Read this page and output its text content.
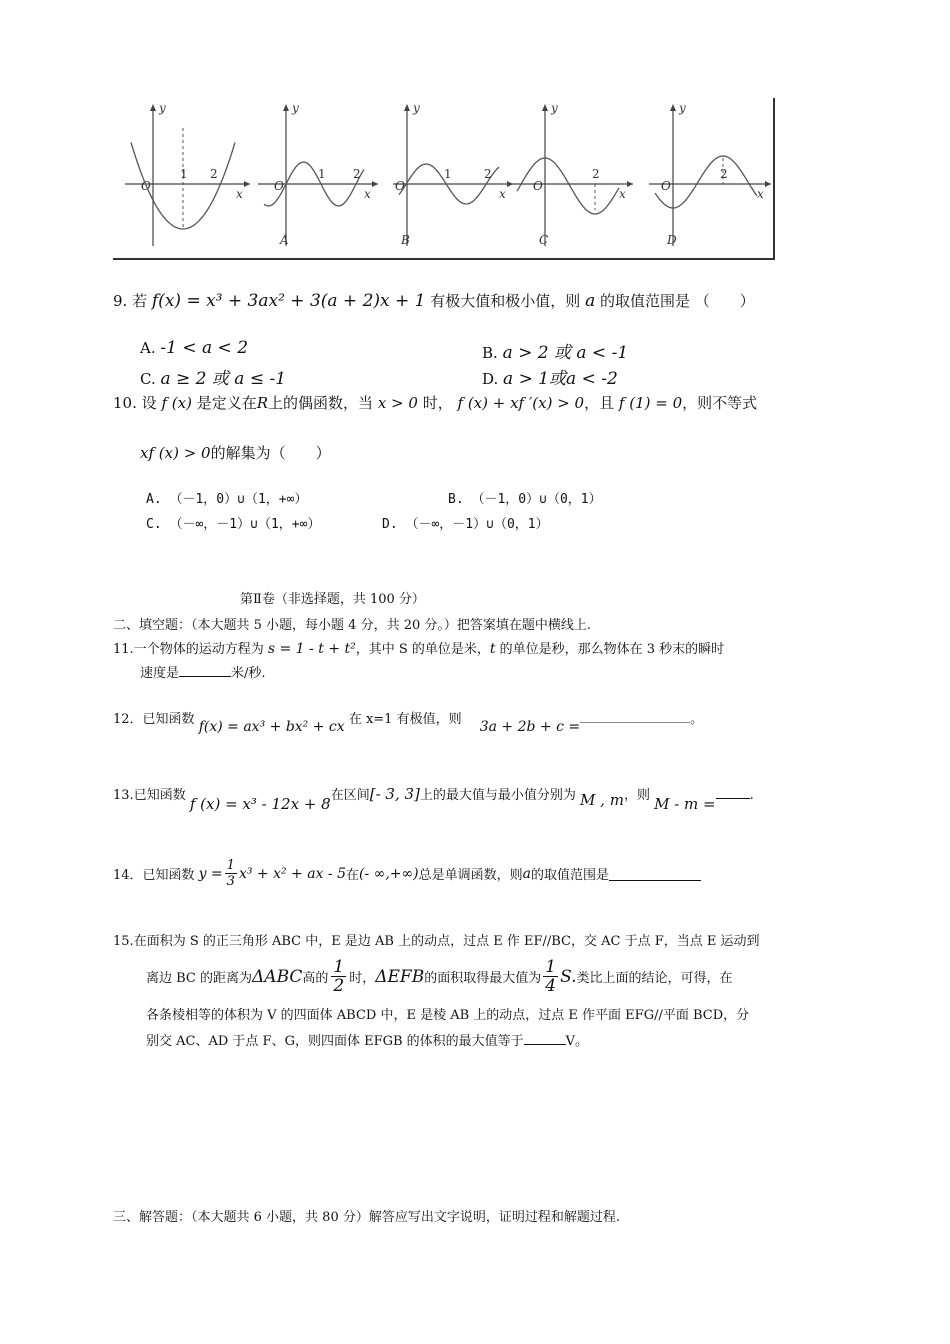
y
x
O
1 2
y
x
O
1 2
A
y
x
O
1	2
B
y
x
O
2
C
y
x
O
2
D
9. 若 f(x) = x³ + 3ax² + 3(a + 2)x + 1 有极大值和极小值，则 a 的取值范围是 （　　）
A. -1 < a < 2	B. a > 2 或 a < -1
C. a ≥ 2 或 a ≤ -1	D. a > 1或a < -2
10. 设 f (x) 是定义在R上的偶函数，当 x > 0 时， f (x) + xf ′(x) > 0，且 f (1) = 0，则不等式
xf (x) > 0的解集为（　　）
A. （－1，0）∪（1，+∞）	B. （－1，0）∪（0，1）
C. （－∞，－1）∪（1，+∞）	D. （－∞，－1）∪（0，1）
第Ⅱ卷（非选择题，共 100 分）
二、填空题：（本大题共 5 小题，每小题 4 分，共 20 分。）把答案填在题中横线上.
11.一个物体的运动方程为 s = 1 - t + t²，其中 S 的单位是米，t 的单位是秒，那么物体在 3 秒末的瞬时
速度是	米/秒.
12．已知函数 f(x) = ax³ + bx² + cx 在 x=1 有极值，则 3a + 2b + c =	。
13.已知函数 f (x) = x³ - 12x + 8在区间[- 3, 3]上的最大值与最小值分别为 M , m，则 M - m =	.
14． 已知函数 $y = \frac{1}{3} x^3 + x^2$ + ax - 5 在 (- ∞,+∞) 总是单调函数，则 a 的取值范围是
15.在面积为 S 的正三角形 ABC 中，E 是边 AB 上的动点，过点 E 作 EF//BC，交 AC 于点 F，当点 E 运动到
离边 BC 的距离为 ΔABC 高的 $\frac{1}{2}$ 时， ΔEFB 的面积取得最大值为 $\frac{1}{4} S$. 类比上面的结论，可得，在
各条棱相等的体积为 V 的四面体 ABCD 中，E 是棱 AB 上的动点，过点 E 作平面 EFG//平面 BCD，分
别交 AC、AD 于点 F、G，则四面体 EFGB 的体积的最大值等于	V。
三、解答题：（本大题共 6 小题，共 80 分）解答应写出文字说明，证明过程和解题过程.
